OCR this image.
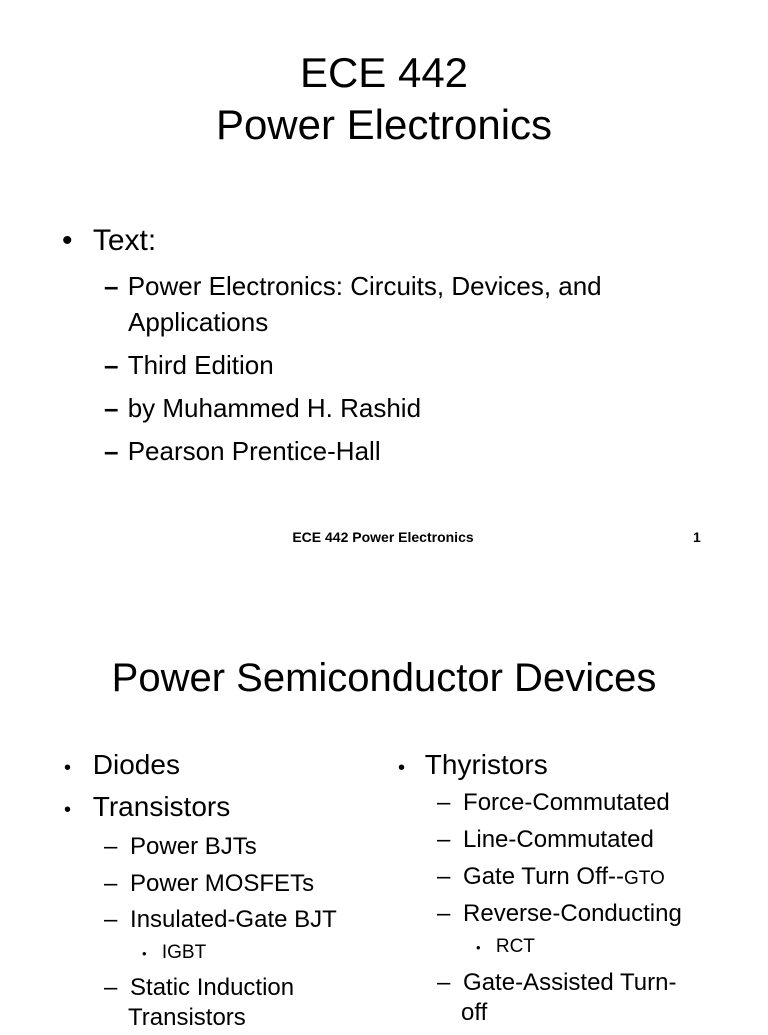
ECE 442
Power Electronics
• Text:
– Power Electronics: Circuits, Devices, and
Applications
– Third Edition
– by Muhammed H. Rashid
– Pearson Prentice-Hall
ECE 442 Power Electronics	1
Power Semiconductor Devices
• Diodes
• Transistors
– Power BJTs
– Power MOSFETs
– Insulated-Gate BJT
• IGBT
– Static Induction
Transistors
• Thyristors
– Force-Commutated
– Line-Commutated
– Gate Turn Off--GTO
– Reverse-Conducting
• RCT
– Gate-Assisted Turn-
off
